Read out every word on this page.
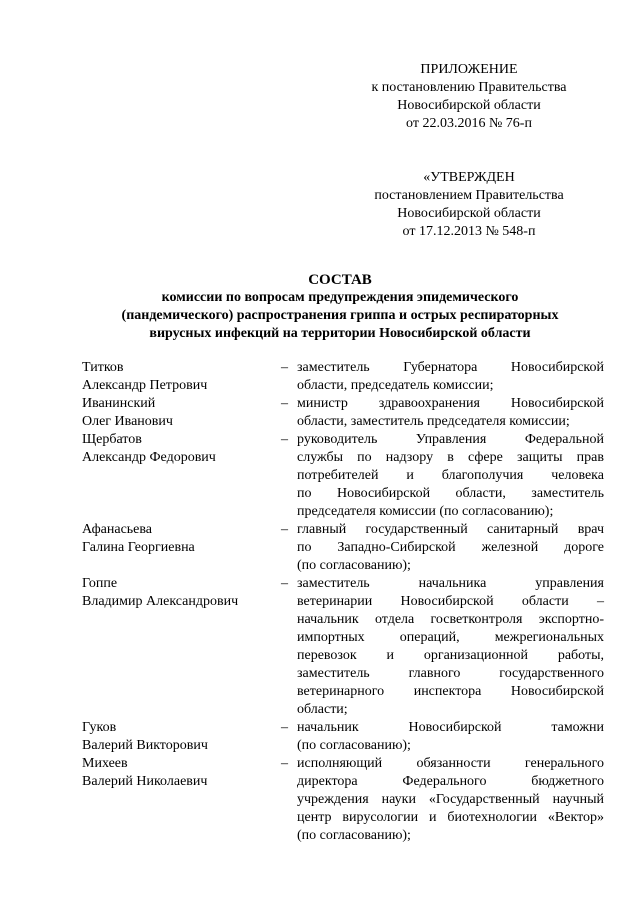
ПРИЛОЖЕНИЕ
к постановлению Правительства
Новосибирской области
от 22.03.2016 № 76-п
«УТВЕРЖДЕН
постановлением Правительства
Новосибирской области
от 17.12.2013 № 548-п
СОСТАВ
комиссии по вопросам предупреждения эпидемического
(пандемического) распространения гриппа и острых респираторных
вирусных инфекций на территории Новосибирской области
Титков
Александр Петрович
– заместитель Губернатора Новосибирской
области, председатель комиссии;
Иванинский
Олег Иванович
– министр здравоохранения Новосибирской
области, заместитель председателя комиссии;
Щербатов
Александр Федорович
– руководитель Управления Федеральной
службы по надзору в сфере защиты прав
потребителей и благополучия человека
по Новосибирской области, заместитель
председателя комиссии (по согласованию);
Афанасьева
Галина Георгиевна
– главный государственный санитарный врач
по Западно-Сибирской железной дороге
(по согласованию);
Гоппе
Владимир Александрович
– заместитель начальника управления
ветеринарии Новосибирской области –
начальник отдела госветконтроля экспортно-
импортных операций, межрегиональных
перевозок и организационной работы,
заместитель главного государственного
ветеринарного инспектора Новосибирской
области;
Гуков
Валерий Викторович
– начальник Новосибирской таможни
(по согласованию);
Михеев
Валерий Николаевич
– исполняющий обязанности генерального
директора Федерального бюджетного
учреждения науки «Государственный научный
центр вирусологии и биотехнологии «Вектор»
(по согласованию);
